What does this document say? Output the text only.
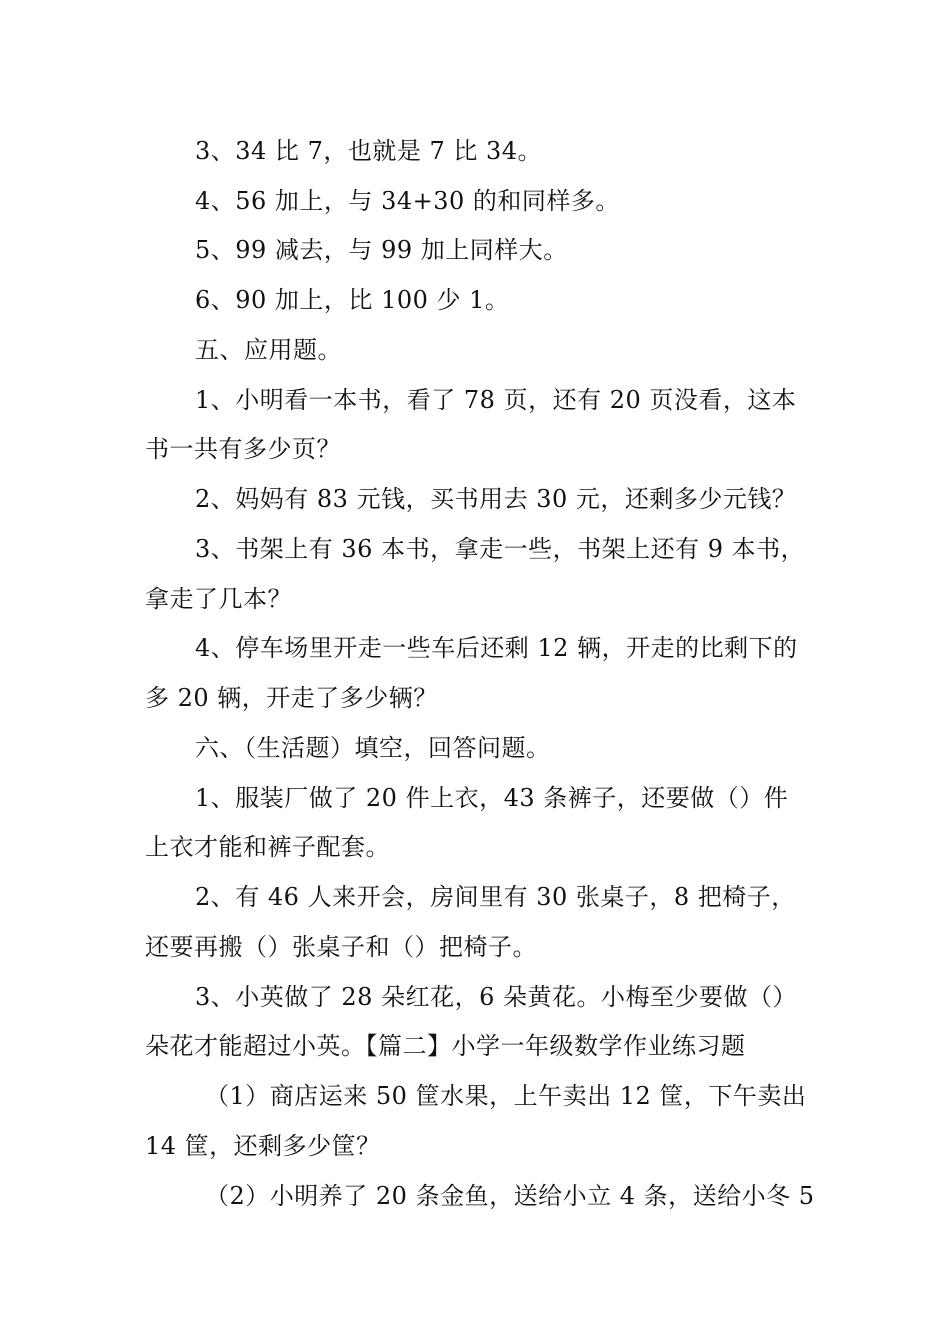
3、34 比 7，也就是 7 比 34。
4、56 加上，与 34+30 的和同样多。
5、99 减去，与 99 加上同样大。
6、90 加上，比 100 少 1。
五、应用题。
1、小明看一本书，看了 78 页，还有 20 页没看，这本
书一共有多少页？
2、妈妈有 83 元钱，买书用去 30 元，还剩多少元钱？
3、书架上有 36 本书，拿走一些，书架上还有 9 本书，
拿走了几本？
4、停车场里开走一些车后还剩 12 辆，开走的比剩下的
多 20 辆，开走了多少辆？
六、（生活题）填空，回答问题。
1、服装厂做了 20 件上衣，43 条裤子，还要做（）件
上衣才能和裤子配套。
2、有 46 人来开会，房间里有 30 张桌子，8 把椅子，
还要再搬（）张桌子和（）把椅子。
3、小英做了 28 朵红花，6 朵黄花。小梅至少要做（）
朵花才能超过小英。【篇二】小学一年级数学作业练习题
（1）商店运来 50 筐水果，上午卖出 12 筐，下午卖出
14 筐，还剩多少筐？
（2）小明养了 20 条金鱼，送给小立 4 条，送给小冬 5
